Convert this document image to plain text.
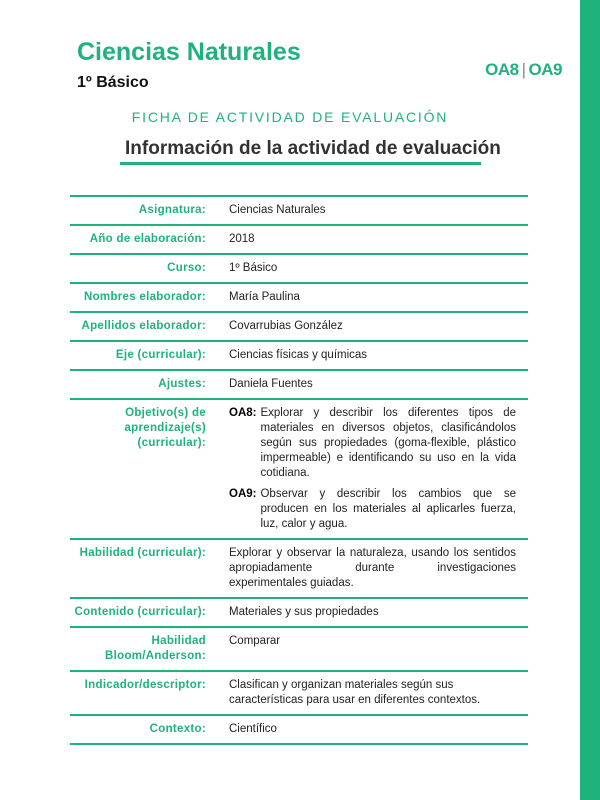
Ciencias Naturales
1º Básico
OA8 | OA9
FICHA DE ACTIVIDAD DE EVALUACIÓN
Información de la actividad de evaluación
Asignatura:	Ciencias Naturales
Año de elaboración:	2018
Curso:	1º Básico
Nombres elaborador:	María Paulina
Apellidos elaborador:	Covarrubias González
Eje (curricular):	Ciencias físicas y químicas
Ajustes:	Daniela Fuentes
Objetivo(s) de aprendizaje(s) (curricular):	OA8: Explorar y describir los diferentes tipos de materiales en diversos objetos, clasificándolos según sus propiedades (goma-flexible, plástico impermeable) e identificando su uso en la vida cotidiana.
OA9: Observar y describir los cambios que se producen en los materiales al aplicarles fuerza, luz, calor y agua.

Habilidad (curricular):	Explorar y observar la naturaleza, usando los sentidos apropiadamente durante investigaciones experimentales guiadas.
Contenido (curricular):	Materiales y sus propiedades
Habilidad Bloom/Anderson:	Comparar
Indicador/descriptor:	Clasifican y organizan materiales según sus características para usar en diferentes contextos.
Contexto:	Científico
